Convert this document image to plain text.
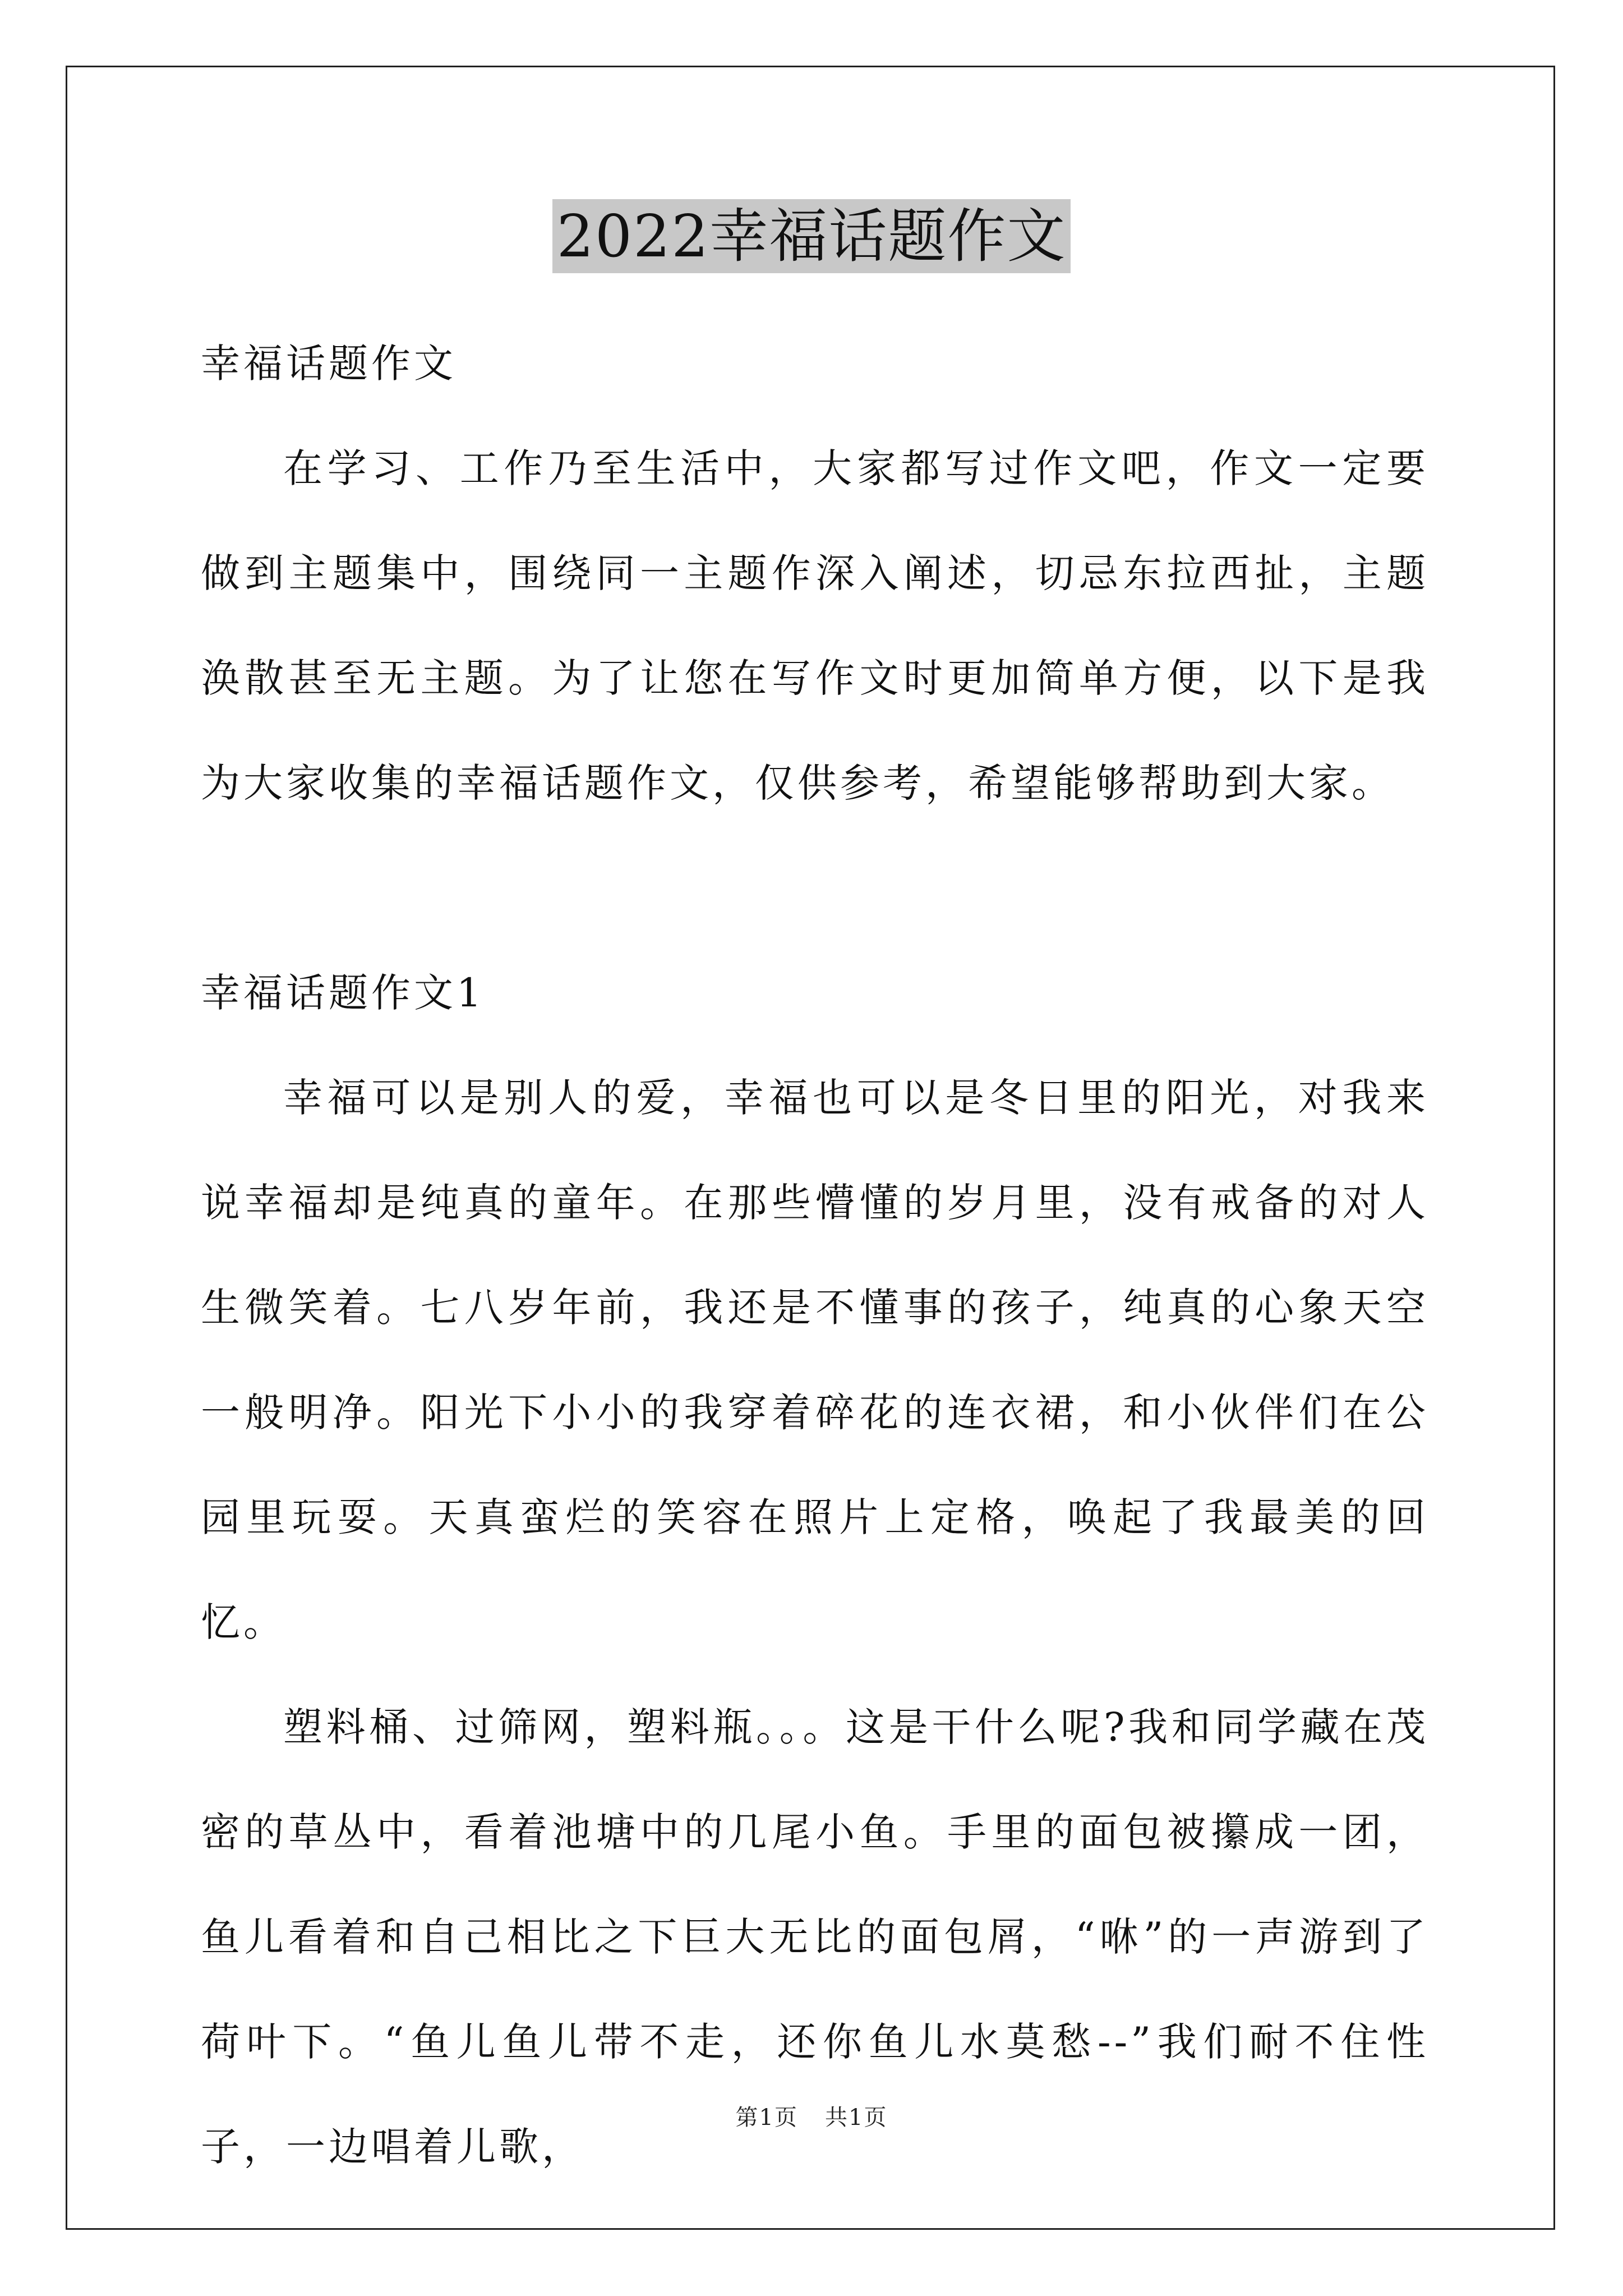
2022幸福话题作文

幸福话题作文

在学习、工作乃至生活中，大家都写过作文吧，作文一定要做到主题集中，围绕同一主题作深入阐述，切忌东拉西扯，主题涣散甚至无主题。为了让您在写作文时更加简单方便，以下是我为大家收集的幸福话题作文，仅供参考，希望能够帮助到大家。

幸福话题作文1

幸福可以是别人的爱，幸福也可以是冬日里的阳光，对我来说幸福却是纯真的童年。在那些懵懂的岁月里，没有戒备的对人生微笑着。七八岁年前，我还是不懂事的孩子，纯真的心象天空一般明净。阳光下小小的我穿着碎花的连衣裙，和小伙伴们在公园里玩耍。天真蛮烂的笑容在照片上定格，唤起了我最美的回忆。

塑料桶、过筛网，塑料瓶。。。这是干什么呢?我和同学藏在茂密的草丛中，看着池塘中的几尾小鱼。手里的面包被攥成一团，鱼儿看着和自己相比之下巨大无比的面包屑，“咻”的一声游到了荷叶下。“鱼儿鱼儿带不走，还你鱼儿水莫愁--”我们耐不住性子，一边唱着儿歌，

第1页 共1页
